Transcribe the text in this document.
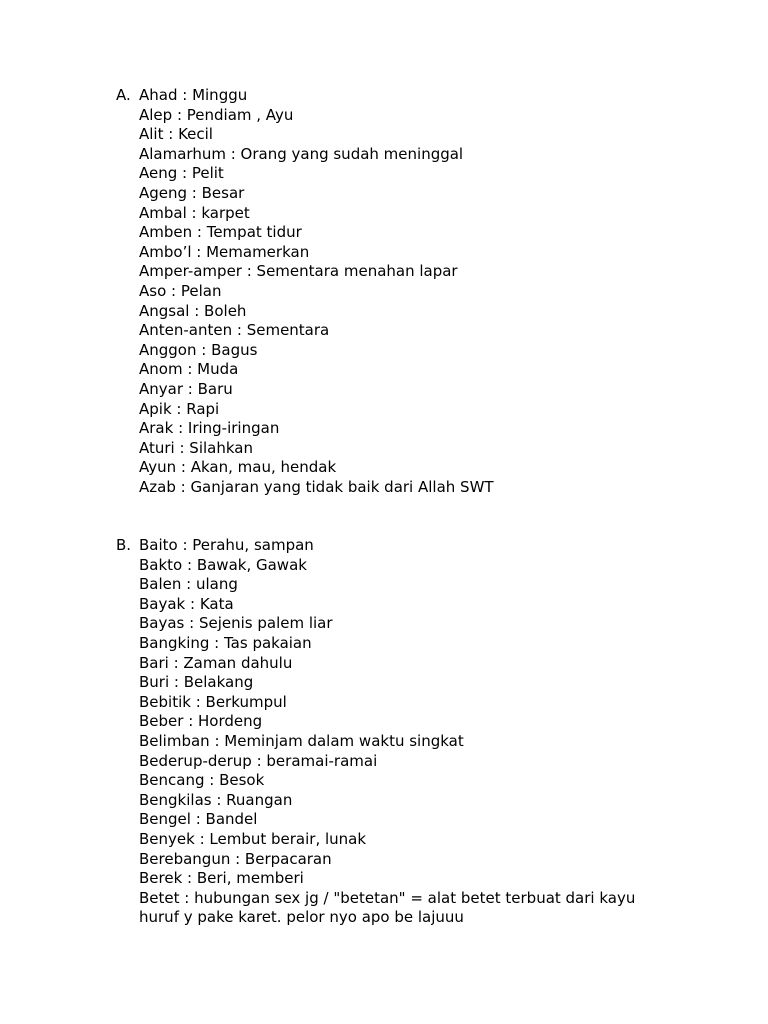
A. Ahad : Minggu
Alep : Pendiam , Ayu
Alit : Kecil
Alamarhum : Orang yang sudah meninggal
Aeng : Pelit
Ageng : Besar
Ambal : karpet
Amben : Tempat tidur
Ambo’l : Memamerkan
Amper-amper : Sementara menahan lapar
Aso : Pelan
Angsal : Boleh
Anten-anten : Sementara
Anggon : Bagus
Anom : Muda
Anyar : Baru
Apik : Rapi
Arak : Iring-iringan
Aturi : Silahkan
Ayun : Akan, mau, hendak
Azab : Ganjaran yang tidak baik dari Allah SWT
B. Baito : Perahu, sampan
Bakto : Bawak, Gawak
Balen : ulang
Bayak : Kata
Bayas : Sejenis palem liar
Bangking : Tas pakaian
Bari : Zaman dahulu
Buri : Belakang
Bebitik : Berkumpul
Beber : Hordeng
Belimban : Meminjam dalam waktu singkat
Bederup-derup : beramai-ramai
Bencang : Besok
Bengkilas : Ruangan
Bengel : Bandel
Benyek : Lembut berair, lunak
Berebangun : Berpacaran
Berek : Beri, memberi
Betet : hubungan sex jg / "betetan" = alat betet terbuat dari kayu
huruf y pake karet. pelor nyo apo be lajuuu
